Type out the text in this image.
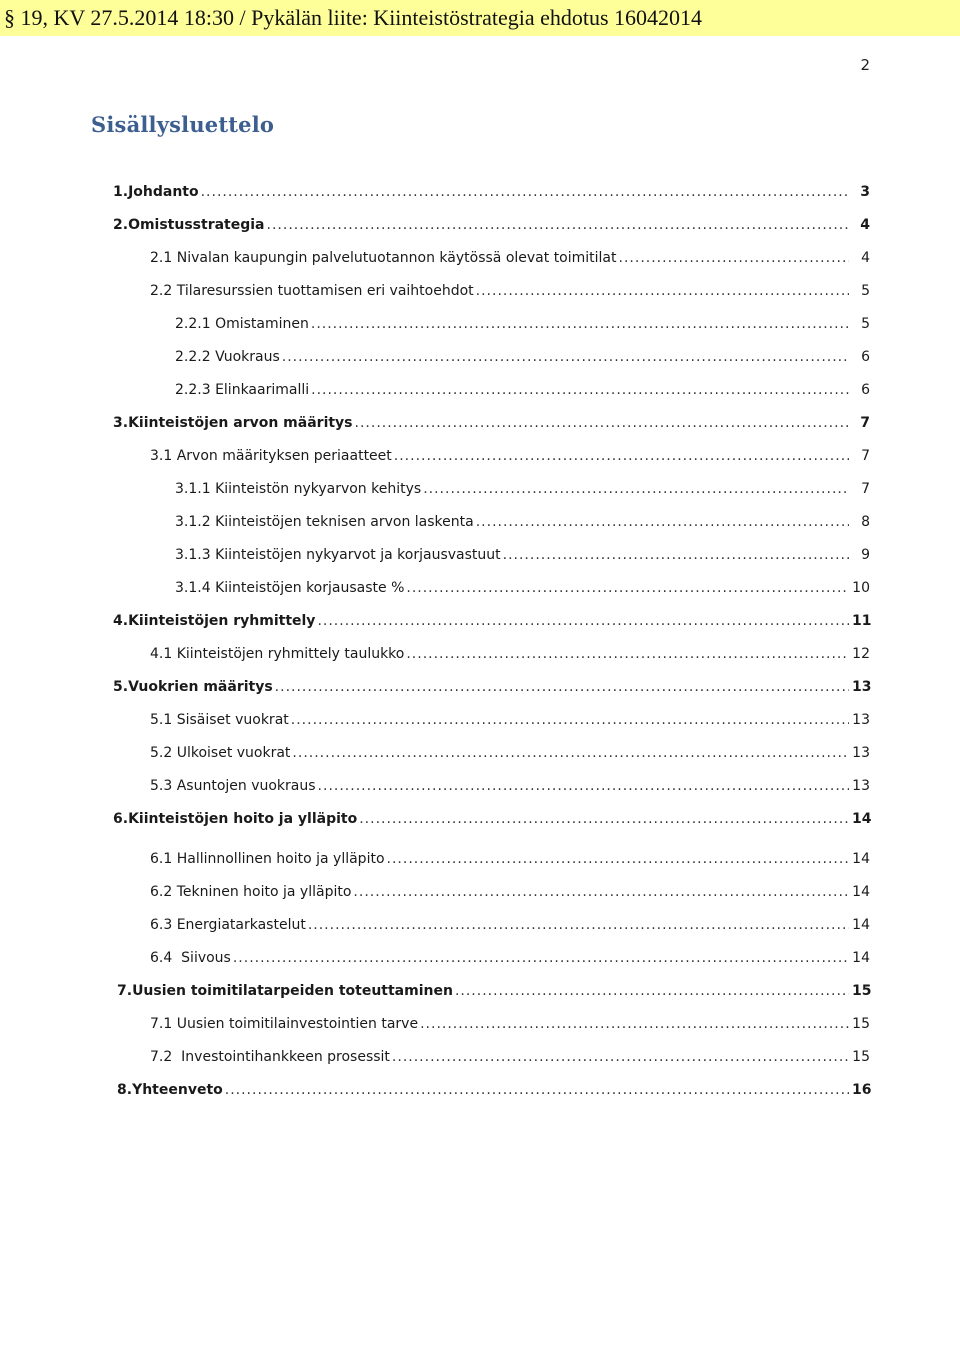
§ 19, KV 27.5.2014 18:30 / Pykälän liite: Kiinteistöstrategia ehdotus 16042014
2
Sisällysluettelo
1. Johdanto .....	3
2. Omistusstrategia .....	4
2.1 Nivalan kaupungin palvelutuotannon käytössä olevat toimitilat .....	4
2.2 Tilaresurssien tuottamisen eri vaihtoehdot .....	5
2.2.1 Omistaminen .....	5
2.2.2 Vuokraus .....	6
2.2.3 Elinkaarimalli .....	6
3. Kiinteistöjen arvon määritys .....	7
3.1 Arvon määrityksen periaatteet .....	7
3.1.1 Kiinteistön nykyarvon kehitys .....	7
3.1.2 Kiinteistöjen teknisen arvon laskenta .....	8
3.1.3 Kiinteistöjen nykyarvot ja korjausvastuut .....	9
3.1.4 Kiinteistöjen korjausaste % .....	10
4. Kiinteistöjen ryhmittely .....	11
4.1 Kiinteistöjen ryhmittely taulukko .....	12
5. Vuokrien määritys .....	13
5.1 Sisäiset vuokrat .....	13
5.2 Ulkoiset vuokrat .....	13
5.3 Asuntojen vuokraus .....	13
6. Kiinteistöjen hoito ja ylläpito .....	14
6.1 Hallinnollinen hoito ja ylläpito .....	14
6.2 Tekninen hoito ja ylläpito .....	14
6.3 Energiatarkastelut .....	14
6.4  Siivous .....	14
7. Uusien toimitilatarpeiden toteuttaminen .....	15
7.1 Uusien toimitilainvestointien tarve .....	15
7.2  Investointihankkeen prosessit .....	15
8. Yhteenveto .....	16
